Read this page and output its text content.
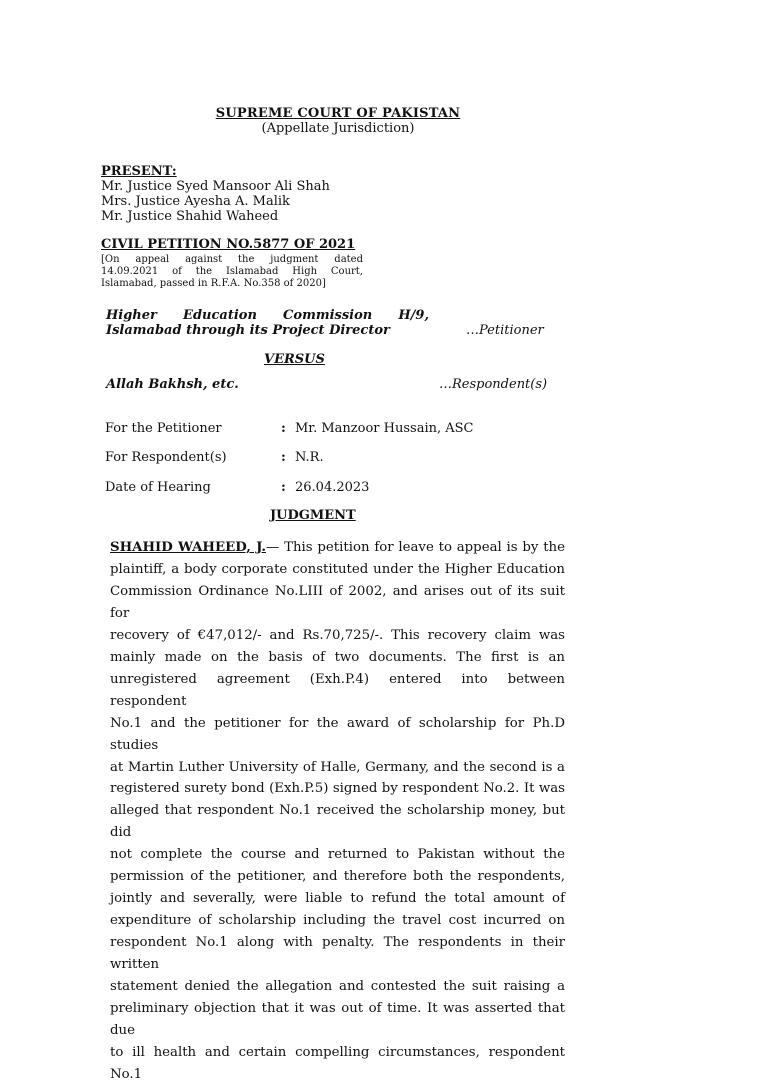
SUPREME COURT OF PAKISTAN
(Appellate Jurisdiction)
PRESENT:
Mr. Justice Syed Mansoor Ali Shah
Mrs. Justice Ayesha A. Malik
Mr. Justice Shahid Waheed
CIVIL PETITION NO.5877 OF 2021
[On appeal against the judgment dated
14.09.2021 of the Islamabad High Court,
Islamabad, passed in R.F.A. No.358 of 2020]
Higher Education Commission H/9,
Islamabad through its Project Director	…Petitioner
VERSUS
Allah Bakhsh, etc.	…Respondent(s)
For the Petitioner	: Mr. Manzoor Hussain, ASC
For Respondent(s)	: N.R.
Date of Hearing	: 26.04.2023
JUDGMENT
SHAHID WAHEED, J.— This petition for leave to appeal is by the
plaintiff, a body corporate constituted under the Higher Education
Commission Ordinance No.LIII of 2002, and arises out of its suit for
recovery of €47,012/- and Rs.70,725/-. This recovery claim was
mainly made on the basis of two documents. The first is an
unregistered agreement (Exh.P.4) entered into between respondent
No.1 and the petitioner for the award of scholarship for Ph.D studies
at Martin Luther University of Halle, Germany, and the second is a
registered surety bond (Exh.P.5) signed by respondent No.2. It was
alleged that respondent No.1 received the scholarship money, but did
not complete the course and returned to Pakistan without the
permission of the petitioner, and therefore both the respondents,
jointly and severally, were liable to refund the total amount of
expenditure of scholarship including the travel cost incurred on
respondent No.1 along with penalty. The respondents in their written
statement denied the allegation and contested the suit raising a
preliminary objection that it was out of time. It was asserted that due
to ill health and certain compelling circumstances, respondent No.1
